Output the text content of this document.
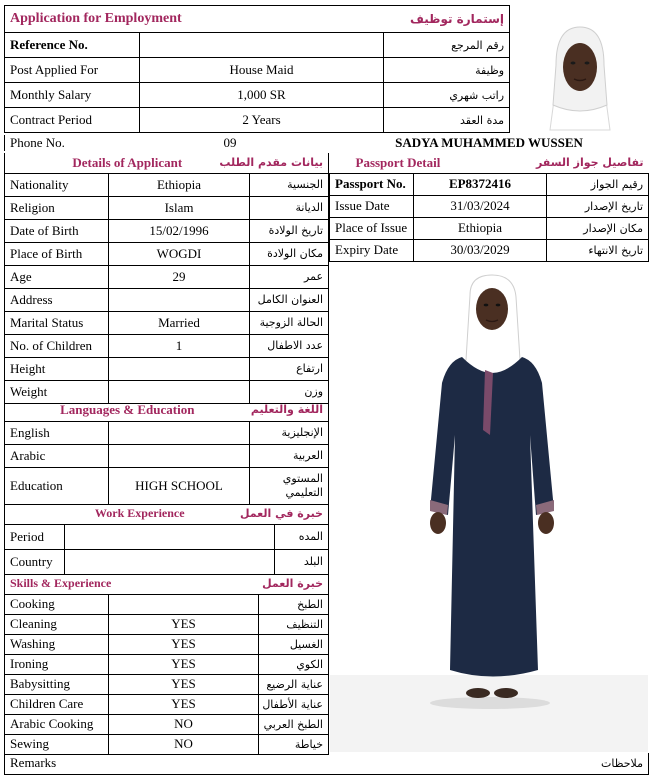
Application for Employment		إستمارة توظيف
Reference No.		رقم المرجع
Post Applied For	House Maid	وظيفة
Monthly Salary	1,000 SR	راتب شهري
Contract Period	2 Years	مدة العقد
Phone No.	09	SADYA MUHAMMED WUSSEN
Details of Applicant		بيانات مقدم الطلب
Nationality	Ethiopia	الجنسية
Religion	Islam	الديانة
Date of Birth	15/02/1996	تاريخ الولادة
Place of Birth	WOGDI	مكان الولادة
Age	29	عمر
Address		العنوان الكامل
Marital Status	Married	الحالة الزوجية
No. of Children	1	عدد الاطفال
Height		ارتفاع
Weight		وزن
Languages & Education		اللغة والتعليم
English		الإنجليزية
Arabic		العربية
Education	HIGH SCHOOL	المستوي التعليمي
Work Experience		خبرة في العمل
Period		المده
Country		البلد
Skills & Experience		خبرة العمل
Cooking		الطبخ
Cleaning	YES	التنظيف
Washing	YES	الغسيل
Ironing	YES	الكوي
Babysitting	YES	عناية الرضيع
Children Care	YES	عناية الأطفال
Arabic Cooking	NO	الطبخ العربي
Sewing	NO	خياطة
Remarks	ملاحظات
Passport Detail		تفاصيل جواز السفر
Passport No.	EP8372416	رقيم الجواز
Issue Date	31/03/2024	تاريخ الإصدار
Place of Issue	Ethiopia	مكان الإصدار
Expiry Date	30/03/2029	تاريخ الانتهاء
